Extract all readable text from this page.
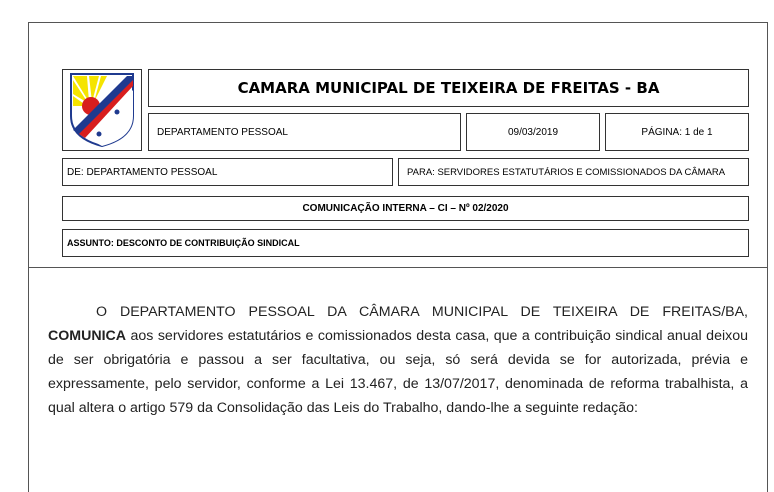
CAMARA MUNICIPAL DE TEIXEIRA DE FREITAS - BA
DEPARTAMENTO PESSOAL	09/03/2019	PÁGINA: 1 de 1
DE: DEPARTAMENTO PESSOAL	PARA: SERVIDORES ESTATUTÁRIOS E COMISSIONADOS DA CÂMARA
COMUNICAÇÃO INTERNA – CI – Nº 02/2020
ASSUNTO: DESCONTO DE CONTRIBUIÇÃO SINDICAL
O DEPARTAMENTO PESSOAL DA CÂMARA MUNICIPAL DE TEIXEIRA DE FREITAS/BA, COMUNICA aos servidores estatutários e comissionados desta casa, que a contribuição sindical anual deixou de ser obrigatória e passou a ser facultativa, ou seja, só será devida se for autorizada, prévia e expressamente, pelo servidor, conforme a Lei 13.467, de 13/07/2017, denominada de reforma trabalhista, a qual altera o artigo 579 da Consolidação das Leis do Trabalho, dando-lhe a seguinte redação:
